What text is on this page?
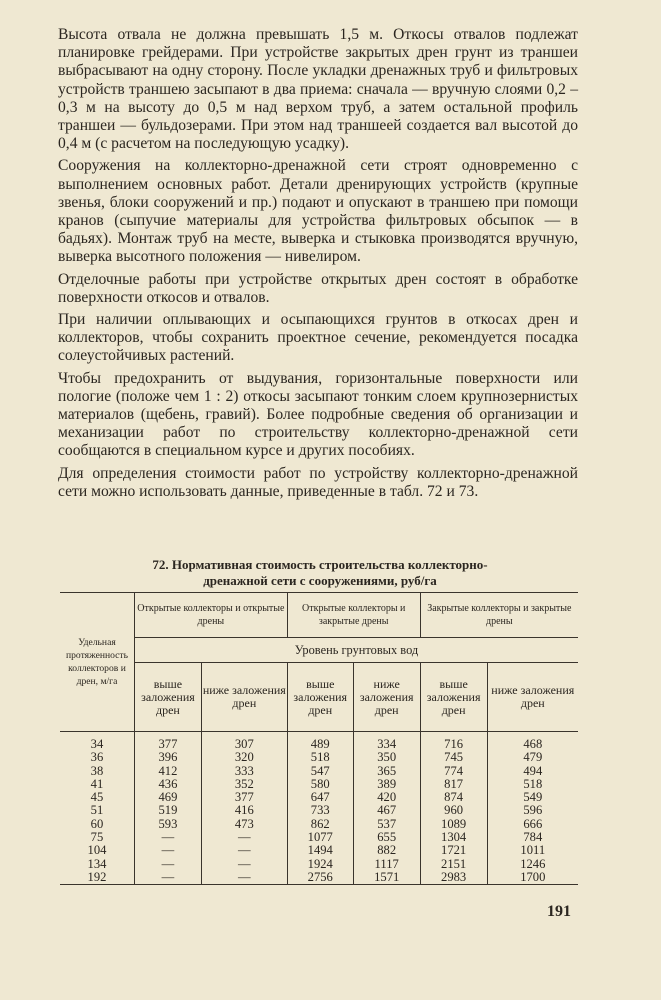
Высота отвала не должна превышать 1,5 м. Откосы отвалов подлежат планировке грейдерами. При устройстве закрытых дрен грунт из траншеи выбрасывают на одну сторону. После укладки дренажных труб и фильтровых устройств траншею засыпают в два приема: сначала — вручную слоями 0,2 – 0,3 м на высоту до 0,5 м над верхом труб, а затем остальной профиль траншеи — бульдозерами. При этом над траншеей создается вал высотой до 0,4 м (с расчетом на последующую усадку).

Сооружения на коллекторно-дренажной сети строят одновременно с выполнением основных работ. Детали дренирующих устройств (крупные звенья, блоки сооружений и пр.) подают и опускают в траншею при помощи кранов (сыпучие материалы для устройства фильтровых обсыпок — в бадьях). Монтаж труб на месте, выверка и стыковка производятся вручную, выверка высотного положения — нивелиром.

Отделочные работы при устройстве открытых дрен состоят в обработке поверхности откосов и отвалов.

При наличии оплывающих и осыпающихся грунтов в откосах дрен и коллекторов, чтобы сохранить проектное сечение, рекомендуется посадка солеустойчивых растений.

Чтобы предохранить от выдувания, горизонтальные поверхности или пологие (положе чем 1 : 2) откосы засыпают тонким слоем крупнозернистых материалов (щебень, гравий). Более подробные сведения об организации и механизации работ по строительству коллекторно-дренажной сети сообщаются в специальном курсе и других пособиях.

Для определения стоимости работ по устройству коллекторно-дренажной сети можно использовать данные, приведенные в табл. 72 и 73.

72. Нормативная стоимость строительства коллекторно-
дренажной сети с сооружениями, руб/га
Удельная протяженность коллекторов и дрен, м/га	Открытые коллекторы и открытые дрены		Открытые коллекторы и закрытые дрены		Закрытые коллекторы и закрытые дрены	
	Уровень грунтовых вод					
	выше заложения дрен	ниже заложения дрен	выше заложения дрен	ниже заложения дрен	выше заложения дрен	ниже заложения дрен
34	377	307	489	334	716	468
36	396	320	518	350	745	479
38	412	333	547	365	774	494
41	436	352	580	389	817	518
45	469	377	647	420	874	549
51	519	416	733	467	960	596
60	593	473	862	537	1089	666
75	—	—	1077	655	1304	784
104	—	—	1494	882	1721	1011
134	—	—	1924	1117	2151	1246
192	—	—	2756	1571	2983	1700
191
